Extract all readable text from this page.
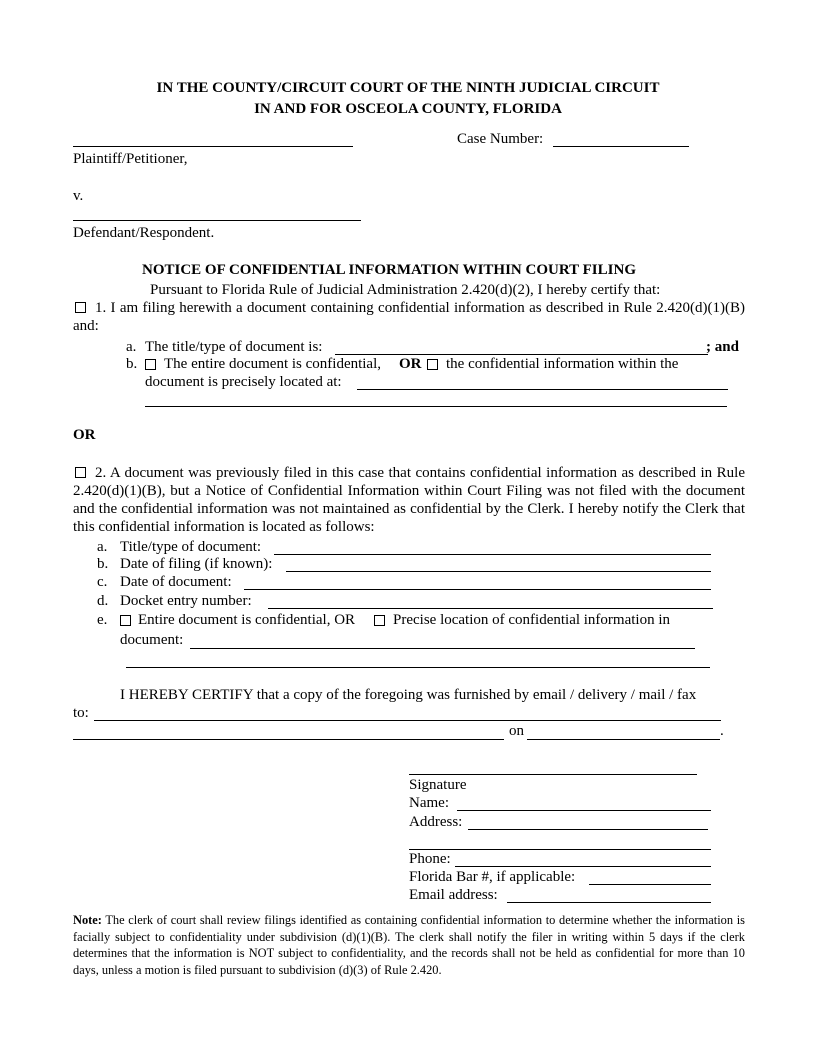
IN THE COUNTY/CIRCUIT COURT OF THE NINTH JUDICIAL CIRCUIT
IN AND FOR OSCEOLA COUNTY, FLORIDA
Case Number:
Plaintiff/Petitioner,
v.
Defendant/Respondent.
NOTICE OF CONFIDENTIAL INFORMATION WITHIN COURT FILING
Pursuant to Florida Rule of Judicial Administration 2.420(d)(2), I hereby certify that:
1. I am filing herewith a document containing confidential information as described in Rule 2.420(d)(1)(B) and:
a. The title/type of document is:	; and
b. The entire document is confidential, OR the confidential information within the
document is precisely located at:
OR
2. A document was previously filed in this case that contains confidential information as described in Rule 2.420(d)(1)(B), but a Notice of Confidential Information within Court Filing was not filed with the document and the confidential information was not maintained as confidential by the Clerk. I hereby notify the Clerk that this confidential information is located as follows:
a. Title/type of document:
b. Date of filing (if known):
c. Date of document:
d. Docket entry number:
e. Entire document is confidential, OR	Precise location of confidential information in
document:
I HEREBY CERTIFY that a copy of the foregoing was furnished by email / delivery / mail / fax
to:
on	.
Signature
Name:
Address:
Phone:
Florida Bar #, if applicable:
Email address:
Note: The clerk of court shall review filings identified as containing confidential information to determine whether the information is facially subject to confidentiality under subdivision (d)(1)(B). The clerk shall notify the filer in writing within 5 days if the clerk determines that the information is NOT subject to confidentiality, and the records shall not be held as confidential for more than 10 days, unless a motion is filed pursuant to subdivision (d)(3) of Rule 2.420.
